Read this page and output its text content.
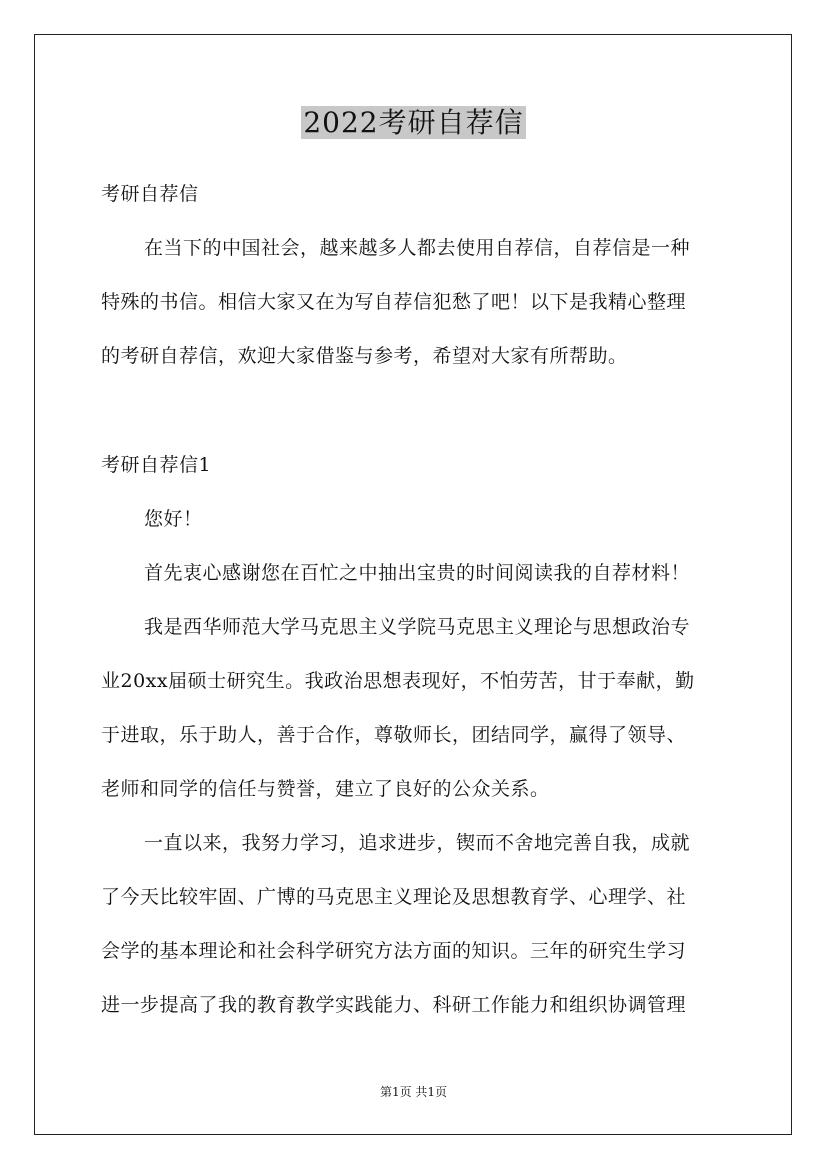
2022考研自荐信
考研自荐信
在当下的中国社会，越来越多人都去使用自荐信，自荐信是一种
特殊的书信。相信大家又在为写自荐信犯愁了吧！以下是我精心整理
的考研自荐信，欢迎大家借鉴与参考，希望对大家有所帮助。
考研自荐信1
您好！
首先衷心感谢您在百忙之中抽出宝贵的时间阅读我的自荐材料！
我是西华师范大学马克思主义学院马克思主义理论与思想政治专
业20xx届硕士研究生。我政治思想表现好，不怕劳苦，甘于奉献，勤
于进取，乐于助人，善于合作，尊敬师长，团结同学，赢得了领导、
老师和同学的信任与赞誉，建立了良好的公众关系。
一直以来，我努力学习，追求进步，锲而不舍地完善自我，成就
了今天比较牢固、广博的马克思主义理论及思想教育学、心理学、社
会学的基本理论和社会科学研究方法方面的知识。三年的研究生学习
进一步提高了我的教育教学实践能力、科研工作能力和组织协调管理
第1页 共1页
